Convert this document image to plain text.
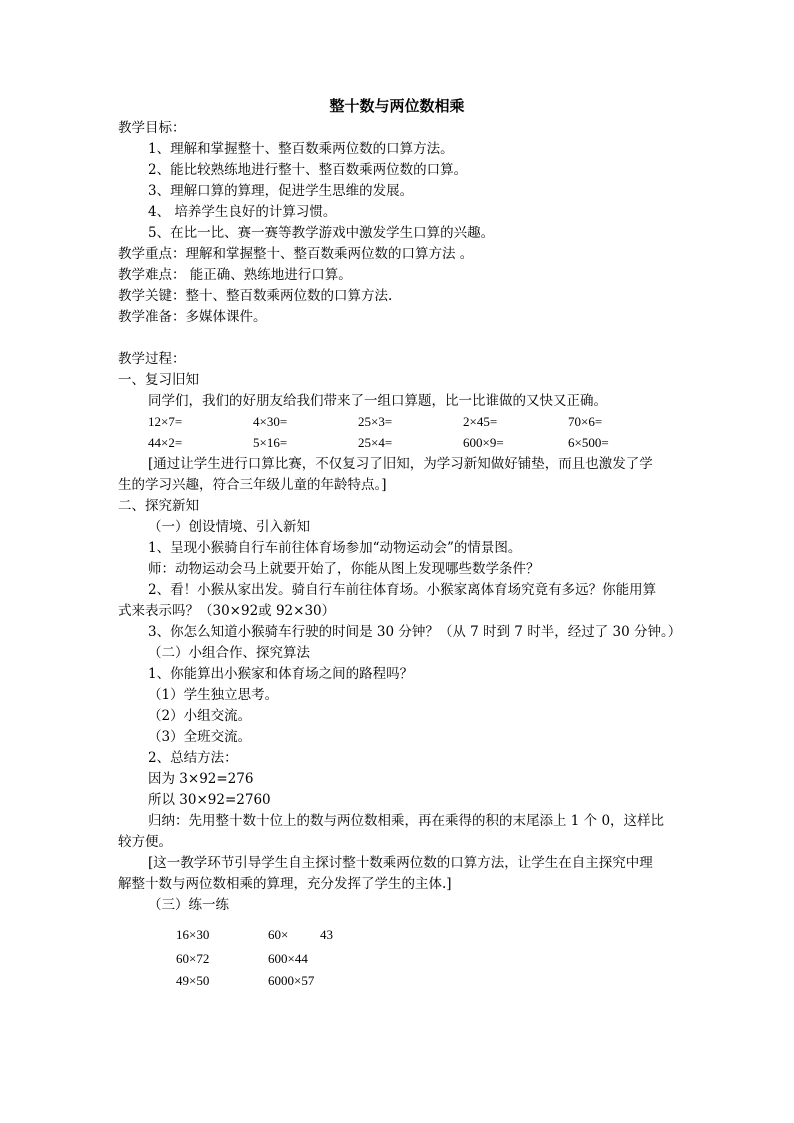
整十数与两位数相乘
教学目标：
1、理解和掌握整十、整百数乘两位数的口算方法。
2、能比较熟练地进行整十、整百数乘两位数的口算。
3、理解口算的算理，促进学生思维的发展。
4、 培养学生良好的计算习惯。
5、在比一比、赛一赛等教学游戏中激发学生口算的兴趣。
教学重点：理解和掌握整十、整百数乘两位数的口算方法 。
教学难点： 能正确、熟练地进行口算。
教学关键：整十、整百数乘两位数的口算方法.
教学准备：多媒体课件。
教学过程：
一、复习旧知
同学们，我们的好朋友给我们带来了一组口算题，比一比谁做的又快又正确。
12×7=	4×30=	25×3=	2×45=	70×6=
44×2=	5×16=	25×4=	600×9=	6×500=
[通过让学生进行口算比赛，不仅复习了旧知，为学习新知做好铺垫，而且也激发了学
生的学习兴趣，符合三年级儿童的年龄特点。]
二、探究新知
（一）创设情境、引入新知
1、呈现小猴骑自行车前往体育场参加“动物运动会”的情景图。
师：动物运动会马上就要开始了，你能从图上发现哪些数学条件？
2、看！小猴从家出发。骑自行车前往体育场。小猴家离体育场究竟有多远？你能用算
式来表示吗？（30×92或 92×30）
3、你怎么知道小猴骑车行驶的时间是 30 分钟？（从 7 时到 7 时半，经过了 30 分钟。）
（二）小组合作、探究算法
1、你能算出小猴家和体育场之间的路程吗？
（1）学生独立思考。
（2）小组交流。
（3）全班交流。
2、总结方法：
因为 3×92=276
所以 30×92=2760
归纳：先用整十数十位上的数与两位数相乘，再在乘得的积的末尾添上 1 个 0，这样比
较方便。
[这一教学环节引导学生自主探讨整十数乘两位数的口算方法，让学生在自主探究中理
解整十数与两位数相乘的算理，充分发挥了学生的主体.]
（三）练一练
16×30	60× 43
60×72	600×44
49×50	6000×57
